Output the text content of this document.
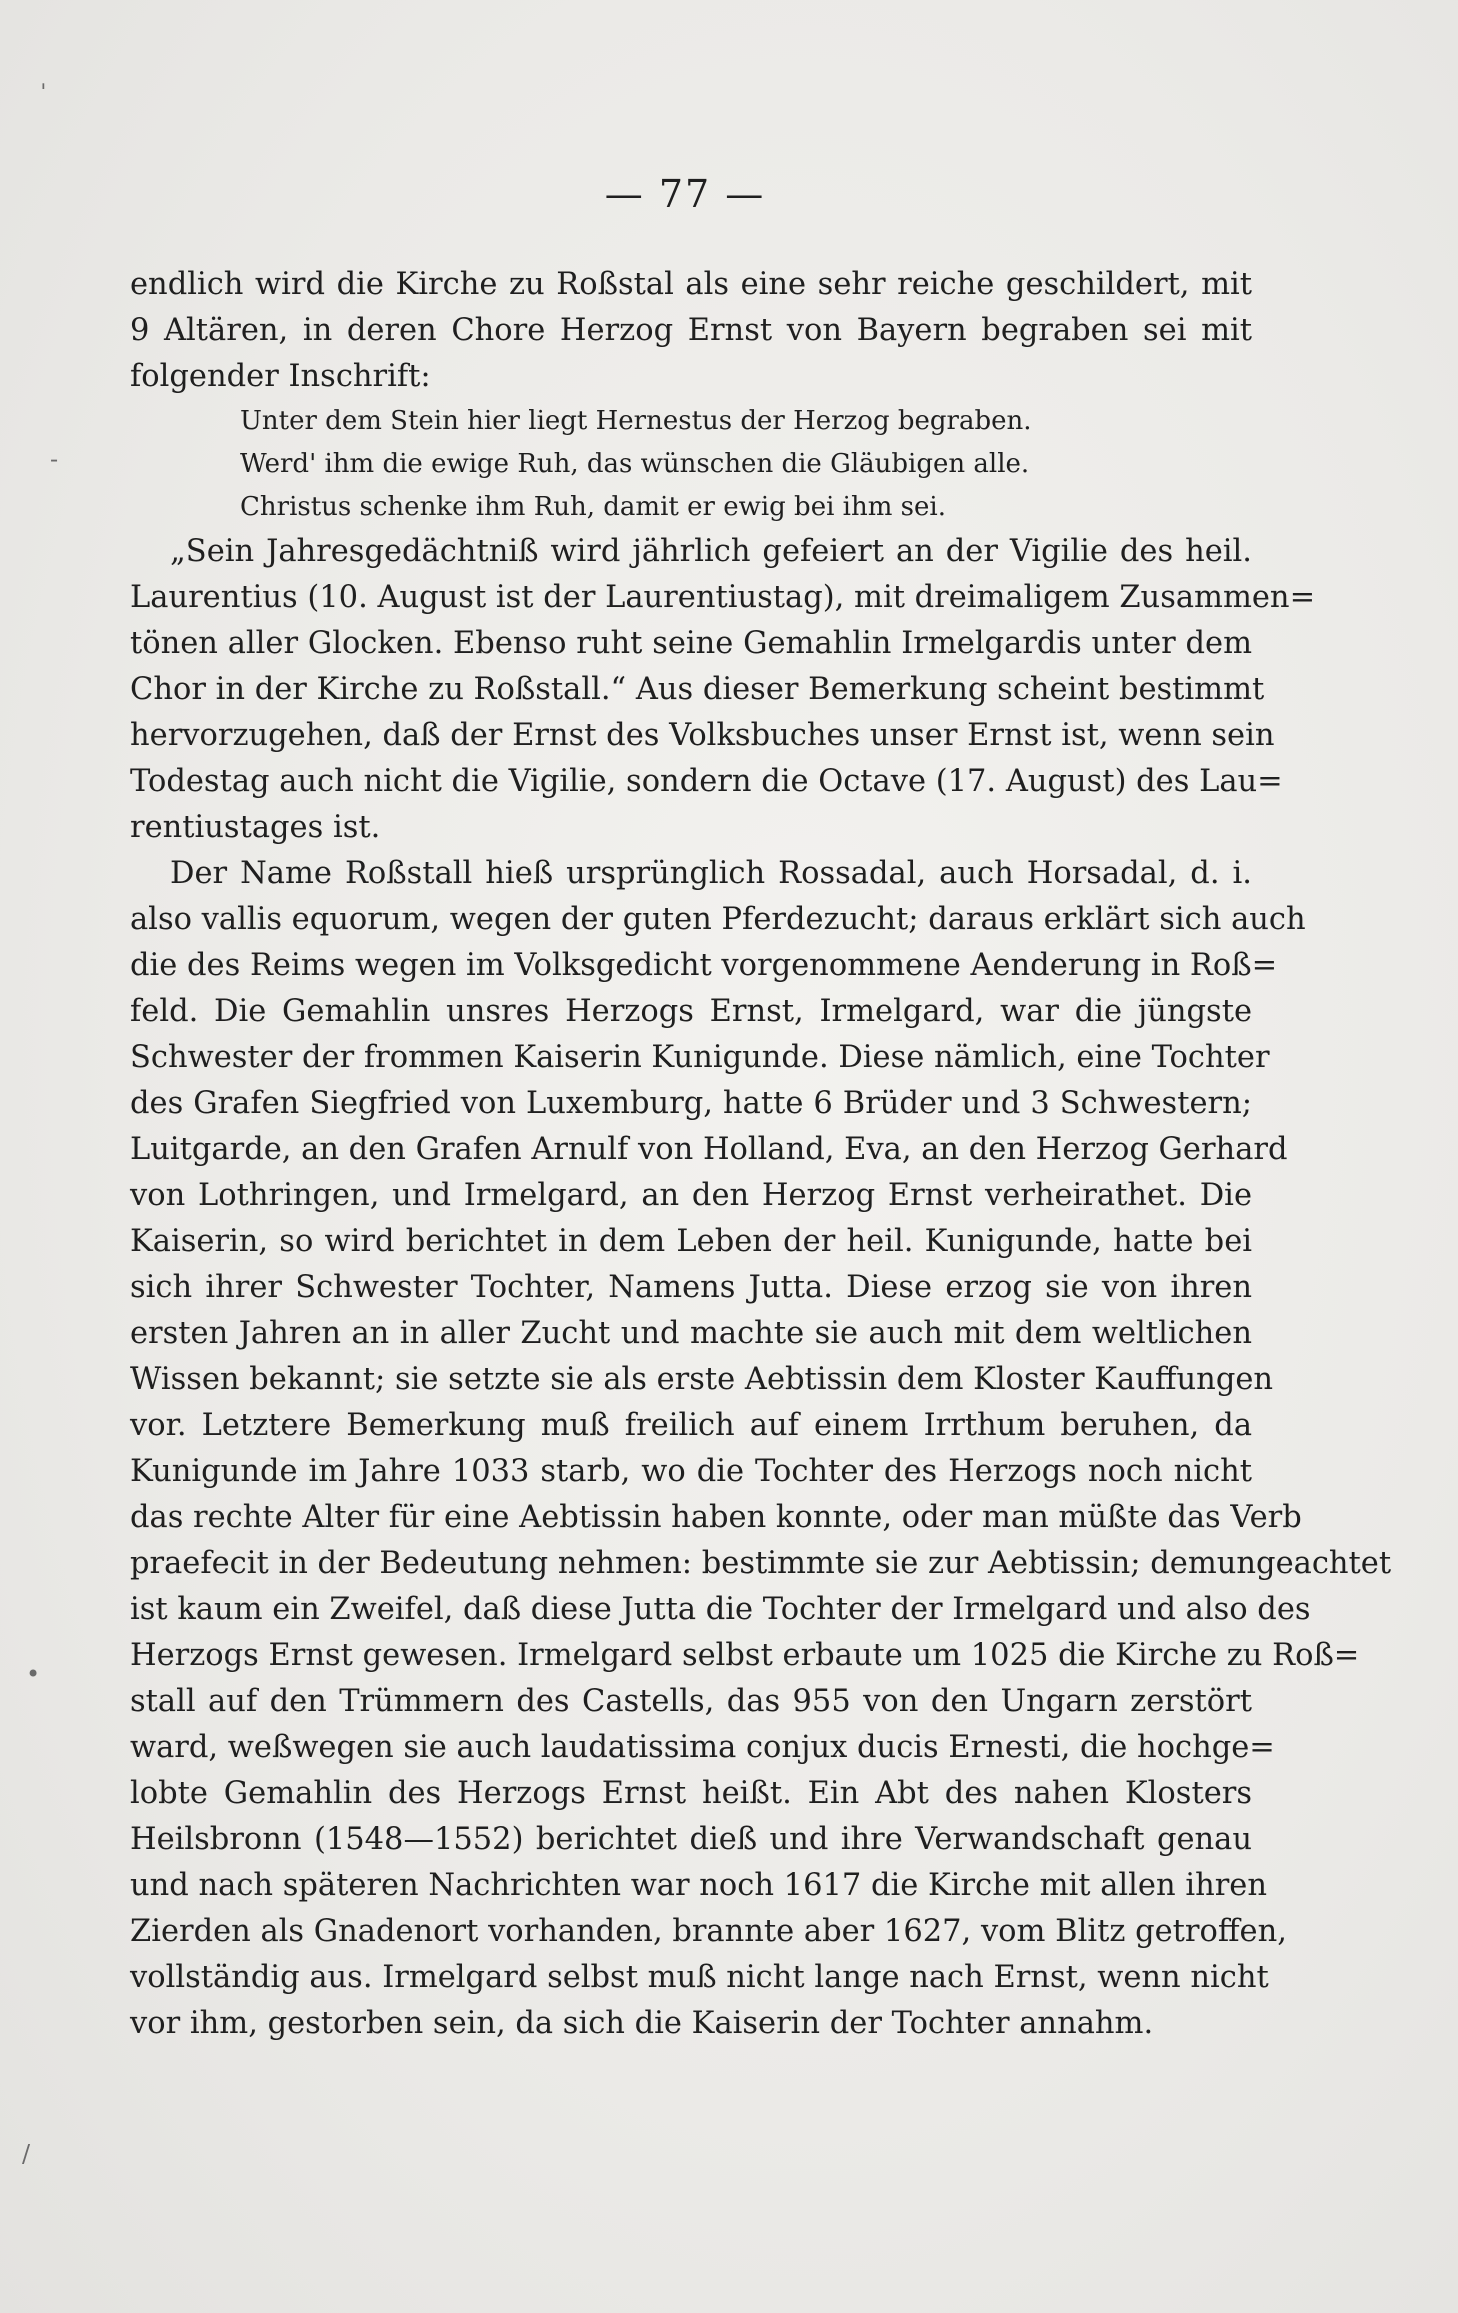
— 77 —
endlich wird die Kirche zu Roßstal als eine sehr reiche geschildert, mit
9 Altären, in deren Chore Herzog Ernst von Bayern begraben sei mit
folgender Inschrift:
Unter dem Stein hier liegt Hernestus der Herzog begraben.
Werd' ihm die ewige Ruh, das wünschen die Gläubigen alle.
Christus schenke ihm Ruh, damit er ewig bei ihm sei.
„Sein Jahresgedächtniß wird jährlich gefeiert an der Vigilie des heil.
Laurentius (10. August ist der Laurentiustag), mit dreimaligem Zusammen=
tönen aller Glocken. Ebenso ruht seine Gemahlin Irmelgardis unter dem
Chor in der Kirche zu Roßstall.“ Aus dieser Bemerkung scheint bestimmt
hervorzugehen, daß der Ernst des Volksbuches unser Ernst ist, wenn sein
Todestag auch nicht die Vigilie, sondern die Octave (17. August) des Lau=
rentiustages ist.
Der Name Roßstall hieß ursprünglich Rossadal, auch Horsadal, d. i.
also vallis equorum, wegen der guten Pferdezucht; daraus erklärt sich auch
die des Reims wegen im Volksgedicht vorgenommene Aenderung in Roß=
feld. Die Gemahlin unsres Herzogs Ernst, Irmelgard, war die jüngste
Schwester der frommen Kaiserin Kunigunde. Diese nämlich, eine Tochter
des Grafen Siegfried von Luxemburg, hatte 6 Brüder und 3 Schwestern;
Luitgarde, an den Grafen Arnulf von Holland, Eva, an den Herzog Gerhard
von Lothringen, und Irmelgard, an den Herzog Ernst verheirathet. Die
Kaiserin, so wird berichtet in dem Leben der heil. Kunigunde, hatte bei
sich ihrer Schwester Tochter, Namens Jutta. Diese erzog sie von ihren
ersten Jahren an in aller Zucht und machte sie auch mit dem weltlichen
Wissen bekannt; sie setzte sie als erste Aebtissin dem Kloster Kauffungen
vor. Letztere Bemerkung muß freilich auf einem Irrthum beruhen, da
Kunigunde im Jahre 1033 starb, wo die Tochter des Herzogs noch nicht
das rechte Alter für eine Aebtissin haben konnte, oder man müßte das Verb
praefecit in der Bedeutung nehmen: bestimmte sie zur Aebtissin; demungeachtet
ist kaum ein Zweifel, daß diese Jutta die Tochter der Irmelgard und also des
Herzogs Ernst gewesen. Irmelgard selbst erbaute um 1025 die Kirche zu Roß=
stall auf den Trümmern des Castells, das 955 von den Ungarn zerstört
ward, weßwegen sie auch laudatissima conjux ducis Ernesti, die hochge=
lobte Gemahlin des Herzogs Ernst heißt. Ein Abt des nahen Klosters
Heilsbronn (1548—1552) berichtet dieß und ihre Verwandschaft genau
und nach späteren Nachrichten war noch 1617 die Kirche mit allen ihren
Zierden als Gnadenort vorhanden, brannte aber 1627, vom Blitz getroffen,
vollständig aus. Irmelgard selbst muß nicht lange nach Ernst, wenn nicht
vor ihm, gestorben sein, da sich die Kaiserin der Tochter annahm.
ˈ
-
•
/
